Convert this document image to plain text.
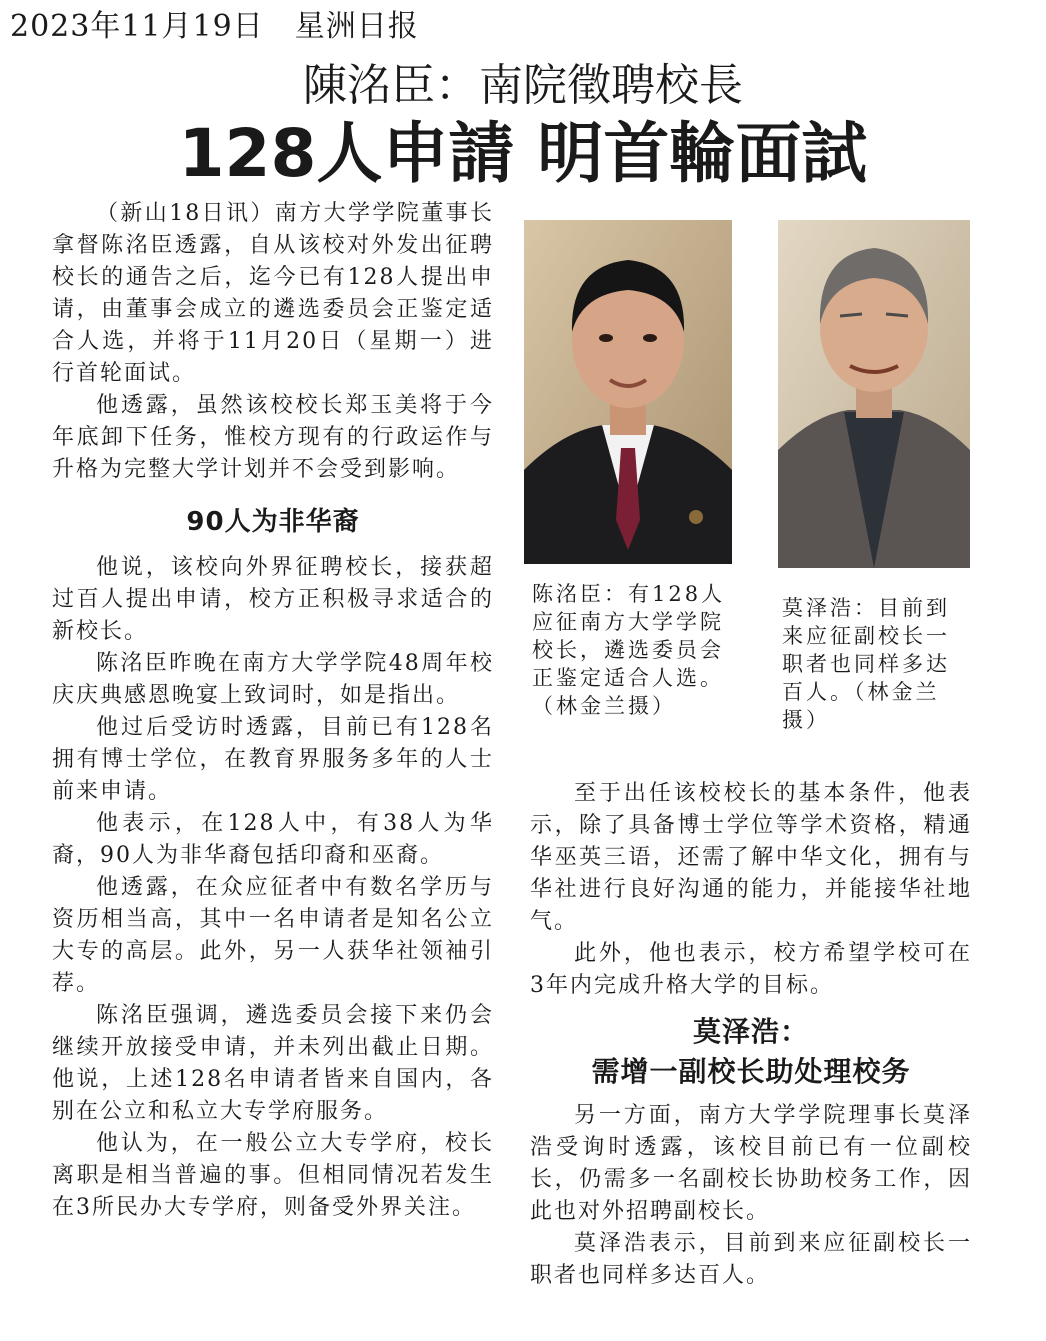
2023年11月19日　星洲日报
陳洺臣：南院徵聘校長
128人申請 明首輪面試

（新山18日讯）南方大学学院董事长拿督陈洺臣透露，自从该校对外发出征聘校长的通告之后，迄今已有128人提出申请，由董事会成立的遴选委员会正鉴定适合人选，并将于11月20日（星期一）进行首轮面试。

他透露，虽然该校校长郑玉美将于今年底卸下任务，惟校方现有的行政运作与升格为完整大学计划并不会受到影响。

90人为非华裔

他说，该校向外界征聘校长，接获超过百人提出申请，校方正积极寻求适合的新校长。

陈洺臣昨晚在南方大学学院48周年校庆庆典感恩晚宴上致词时，如是指出。

他过后受访时透露，目前已有128名拥有博士学位，在教育界服务多年的人士前来申请。

他表示，在128人中，有38人为华裔，90人为非华裔包括印裔和巫裔。

他透露，在众应征者中有数名学历与资历相当高，其中一名申请者是知名公立大专的高层。此外，另一人获华社领袖引荐。

陈洺臣强调，遴选委员会接下来仍会继续开放接受申请，并未列出截止日期。他说，上述128名申请者皆来自国内，各别在公立和私立大专学府服务。

他认为，在一般公立大专学府，校长离职是相当普遍的事。但相同情况若发生在3所民办大专学府，则备受外界关注。

陈洺臣：有128人应征南方大学学院校长，遴选委员会正鉴定适合人选。（林金兰摄）
莫泽浩：目前到来应征副校长一职者也同样多达百人。（林金兰摄）

至于出任该校校长的基本条件，他表示，除了具备博士学位等学术资格，精通华巫英三语，还需了解中华文化，拥有与华社进行良好沟通的能力，并能接华社地气。

此外，他也表示，校方希望学校可在3年内完成升格大学的目标。

莫泽浩：
需增一副校长助处理校务

另一方面，南方大学学院理事长莫泽浩受询时透露，该校目前已有一位副校长，仍需多一名副校长协助校务工作，因此也对外招聘副校长。

莫泽浩表示，目前到来应征副校长一职者也同样多达百人。
